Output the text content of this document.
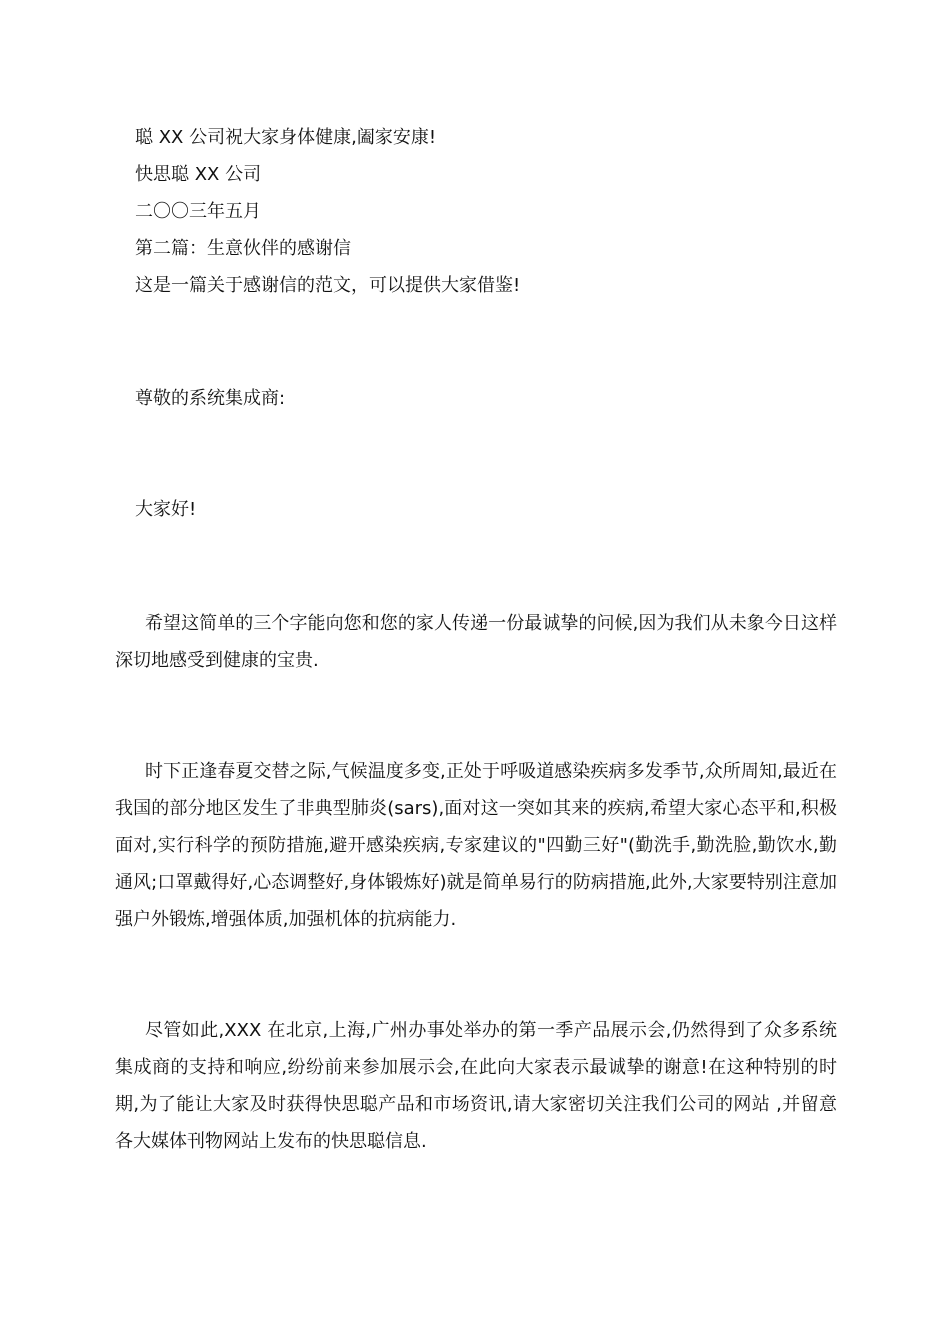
聪 XX 公司祝大家身体健康,阖家安康!
快思聪 XX 公司
二〇〇三年五月
第二篇：生意伙伴的感谢信
这是一篇关于感谢信的范文，可以提供大家借鉴!
尊敬的系统集成商:
大家好!

希望这简单的三个字能向您和您的家人传递一份最诚挚的问候,因为我们从未象今日这样深切地感受到健康的宝贵.

时下正逢春夏交替之际,气候温度多变,正处于呼吸道感染疾病多发季节,众所周知,最近在我国的部分地区发生了非典型肺炎(sars),面对这一突如其来的疾病,希望大家心态平和,积极面对,实行科学的预防措施,避开感染疾病,专家建议的"四勤三好"(勤洗手,勤洗脸,勤饮水,勤通风;口罩戴得好,心态调整好,身体锻炼好)就是简单易行的防病措施,此外,大家要特别注意加强户外锻炼,增强体质,加强机体的抗病能力.

尽管如此,XXX 在北京,上海,广州办事处举办的第一季产品展示会,仍然得到了众多系统集成商的支持和响应,纷纷前来参加展示会,在此向大家表示最诚挚的谢意!在这种特别的时期,为了能让大家及时获得快思聪产品和市场资讯,请大家密切关注我们公司的网站 ,并留意各大媒体刊物网站上发布的快思聪信息.
